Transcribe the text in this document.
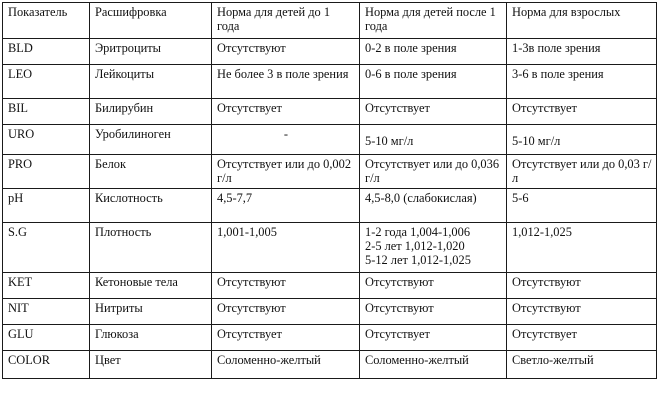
Показатель	Расшифровка	Норма для детей до 1 года	Норма для детей после 1 года	Норма для взрослых
BLD	Эритроциты	Отсутствуют	0-2 в поле зрения	1-3в поле зрения
LEO	Лейкоциты	Не более 3 в поле зрения	0-6 в поле зрения	3-6 в поле зрения
BIL	Билирубин	Отсутствует	Отсутствует	Отсутствует
URO	Уробилиноген	-	5-10 мг/л	5-10 мг/л
PRO	Белок	Отсутствует или до 0,002 г/л	Отсутствует или до 0,036 г/л	Отсутствует или до 0,03 г/л
pH	Кислотность	4,5-7,7	4,5-8,0 (слабокислая)	5-6
S.G	Плотность	1,001-1,005	1-2 года 1,004-1,006
2-5 лет 1,012-1,020
5-12 лет 1,012-1,025	1,012-1,025
KET	Кетоновые тела	Отсутствуют	Отсутствуют	Отсутствуют
NIT	Нитриты	Отсутствуют	Отсутствуют	Отсутствуют
GLU	Глюкоза	Отсутствует	Отсутствует	Отсутствует
COLOR	Цвет	Соломенно-желтый	Соломенно-желтый	Светло-желтый
